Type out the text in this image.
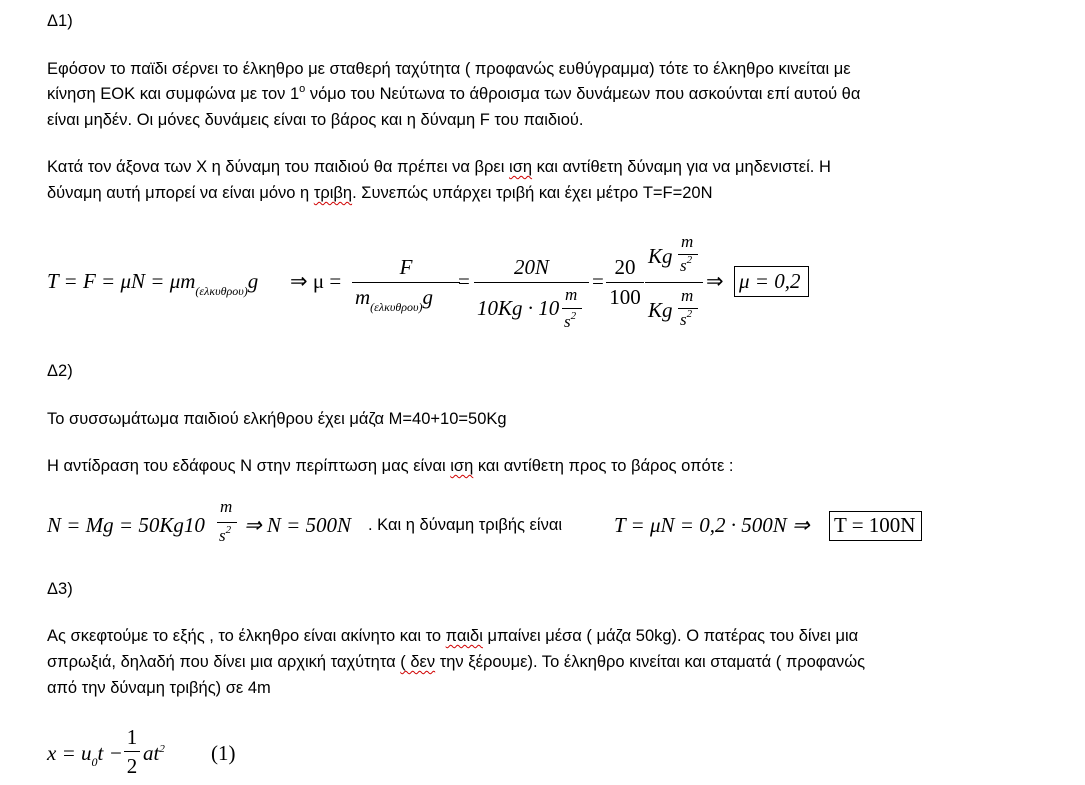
Δ1)
Εφόσον το παϊδι σέρνει το έλκηθρο με σταθερή ταχύτητα ( προφανώς ευθύγραμμα) τότε το έλκηθρο κινείται με
κίνηση ΕΟΚ και συμφώνα με τον $1^o$ νόμο του Νεύτωνα το άθροισμα των δυνάμεων που ασκούνται επί αυτού θα
είναι μηδέν. Οι μόνες δυνάμεις είναι το βάρος και η δύναμη F του παιδιού.
Κατά τον άξονα των X η δύναμη του παιδιού θα πρέπει να βρει ιση και αντίθετη δύναμη για να μηδενιστεί. Η
δύναμη αυτή μπορεί να είναι μόνο η τριβη. Συνεπώς υπάρχει τριβή και έχει μέτρο T=F=20N
$T = F = \mu N = \mu m_{(\varepsilon\lambda\kappa\upsilon\theta\rho o\upsilon)}g$ ⇒ μ =
F
$m_{(\varepsilon\lambda\kappa\upsilon\theta\rho o\upsilon)}g$
=
20N
10Kg · 10
m
$s^2$
=
20
100
Kg
m
$s^2$
Kg
m
$s^2$
⇒ μ = 0,2
Δ2)
Το συσσωμάτωμα παιδιού ελκήθρου έχει μάζα Μ=40+10=50Kg
Η αντίδραση του εδάφους N στην περίπτωση μας είναι ιση και αντίθετη προς το βάρος οπότε :
N = Mg = 50Kg10
m
$s^2$ ⇒ N = 500N . Και η δύναμη τριβής είναι T = μN = 0,2 · 500N ⇒ T = 100N
Δ3)
Ας σκεφτούμε το εξής , το έλκηθρο είναι ακίνητο και το παιδι μπαίνει μέσα ( μάζα 50kg). Ο πατέρας του δίνει μια
σπρωξιά, δηλαδή που δίνει μια αρχική ταχύτητα ( δεν την ξέρουμε). Το έλκηθρο κινείται και σταματά ( προφανώς
από την δύναμη τριβής) σε 4m
$x = u_0t$ −
1
2
$at^2$ (1)
